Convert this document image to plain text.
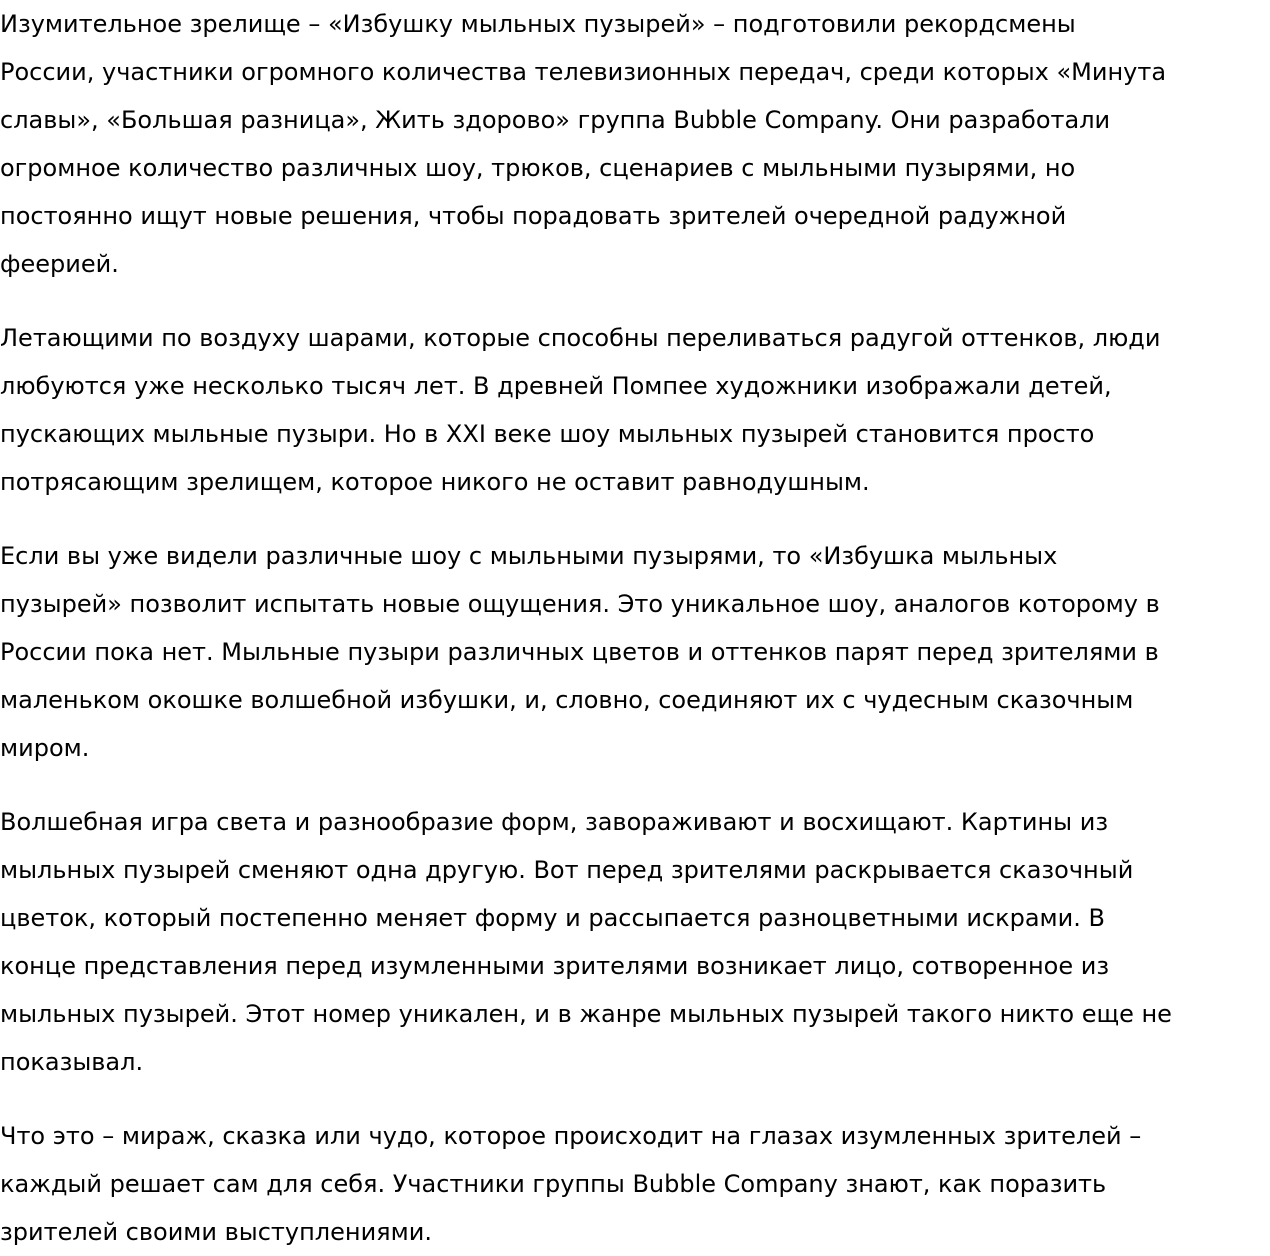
Изумительное зрелище – «Избушку мыльных пузырей» – подготовили рекордсмены
России, участники огромного количества телевизионных передач, среди которых «Минута
славы», «Большая разница», Жить здорово» группа Bubble Company. Они разработали
огромное количество различных шоу, трюков, сценариев с мыльными пузырями, но
постоянно ищут новые решения, чтобы порадовать зрителей очередной радужной
феерией.

Летающими по воздуху шарами, которые способны переливаться радугой оттенков, люди
любуются уже несколько тысяч лет. В древней Помпее художники изображали детей,
пускающих мыльные пузыри. Но в XXI веке шоу мыльных пузырей становится просто
потрясающим зрелищем, которое никого не оставит равнодушным.

Если вы уже видели различные шоу с мыльными пузырями, то «Избушка мыльных
пузырей» позволит испытать новые ощущения. Это уникальное шоу, аналогов которому в
России пока нет. Мыльные пузыри различных цветов и оттенков парят перед зрителями в
маленьком окошке волшебной избушки, и, словно, соединяют их с чудесным сказочным
миром.

Волшебная игра света и разнообразие форм, завораживают и восхищают. Картины из
мыльных пузырей сменяют одна другую. Вот перед зрителями раскрывается сказочный
цветок, который постепенно меняет форму и рассыпается разноцветными искрами. В
конце представления перед изумленными зрителями возникает лицо, сотворенное из
мыльных пузырей. Этот номер уникален, и в жанре мыльных пузырей такого никто еще не
показывал.

Что это – мираж, сказка или чудо, которое происходит на глазах изумленных зрителей –
каждый решает сам для себя. Участники группы Bubble Company знают, как поразить
зрителей своими выступлениями.
